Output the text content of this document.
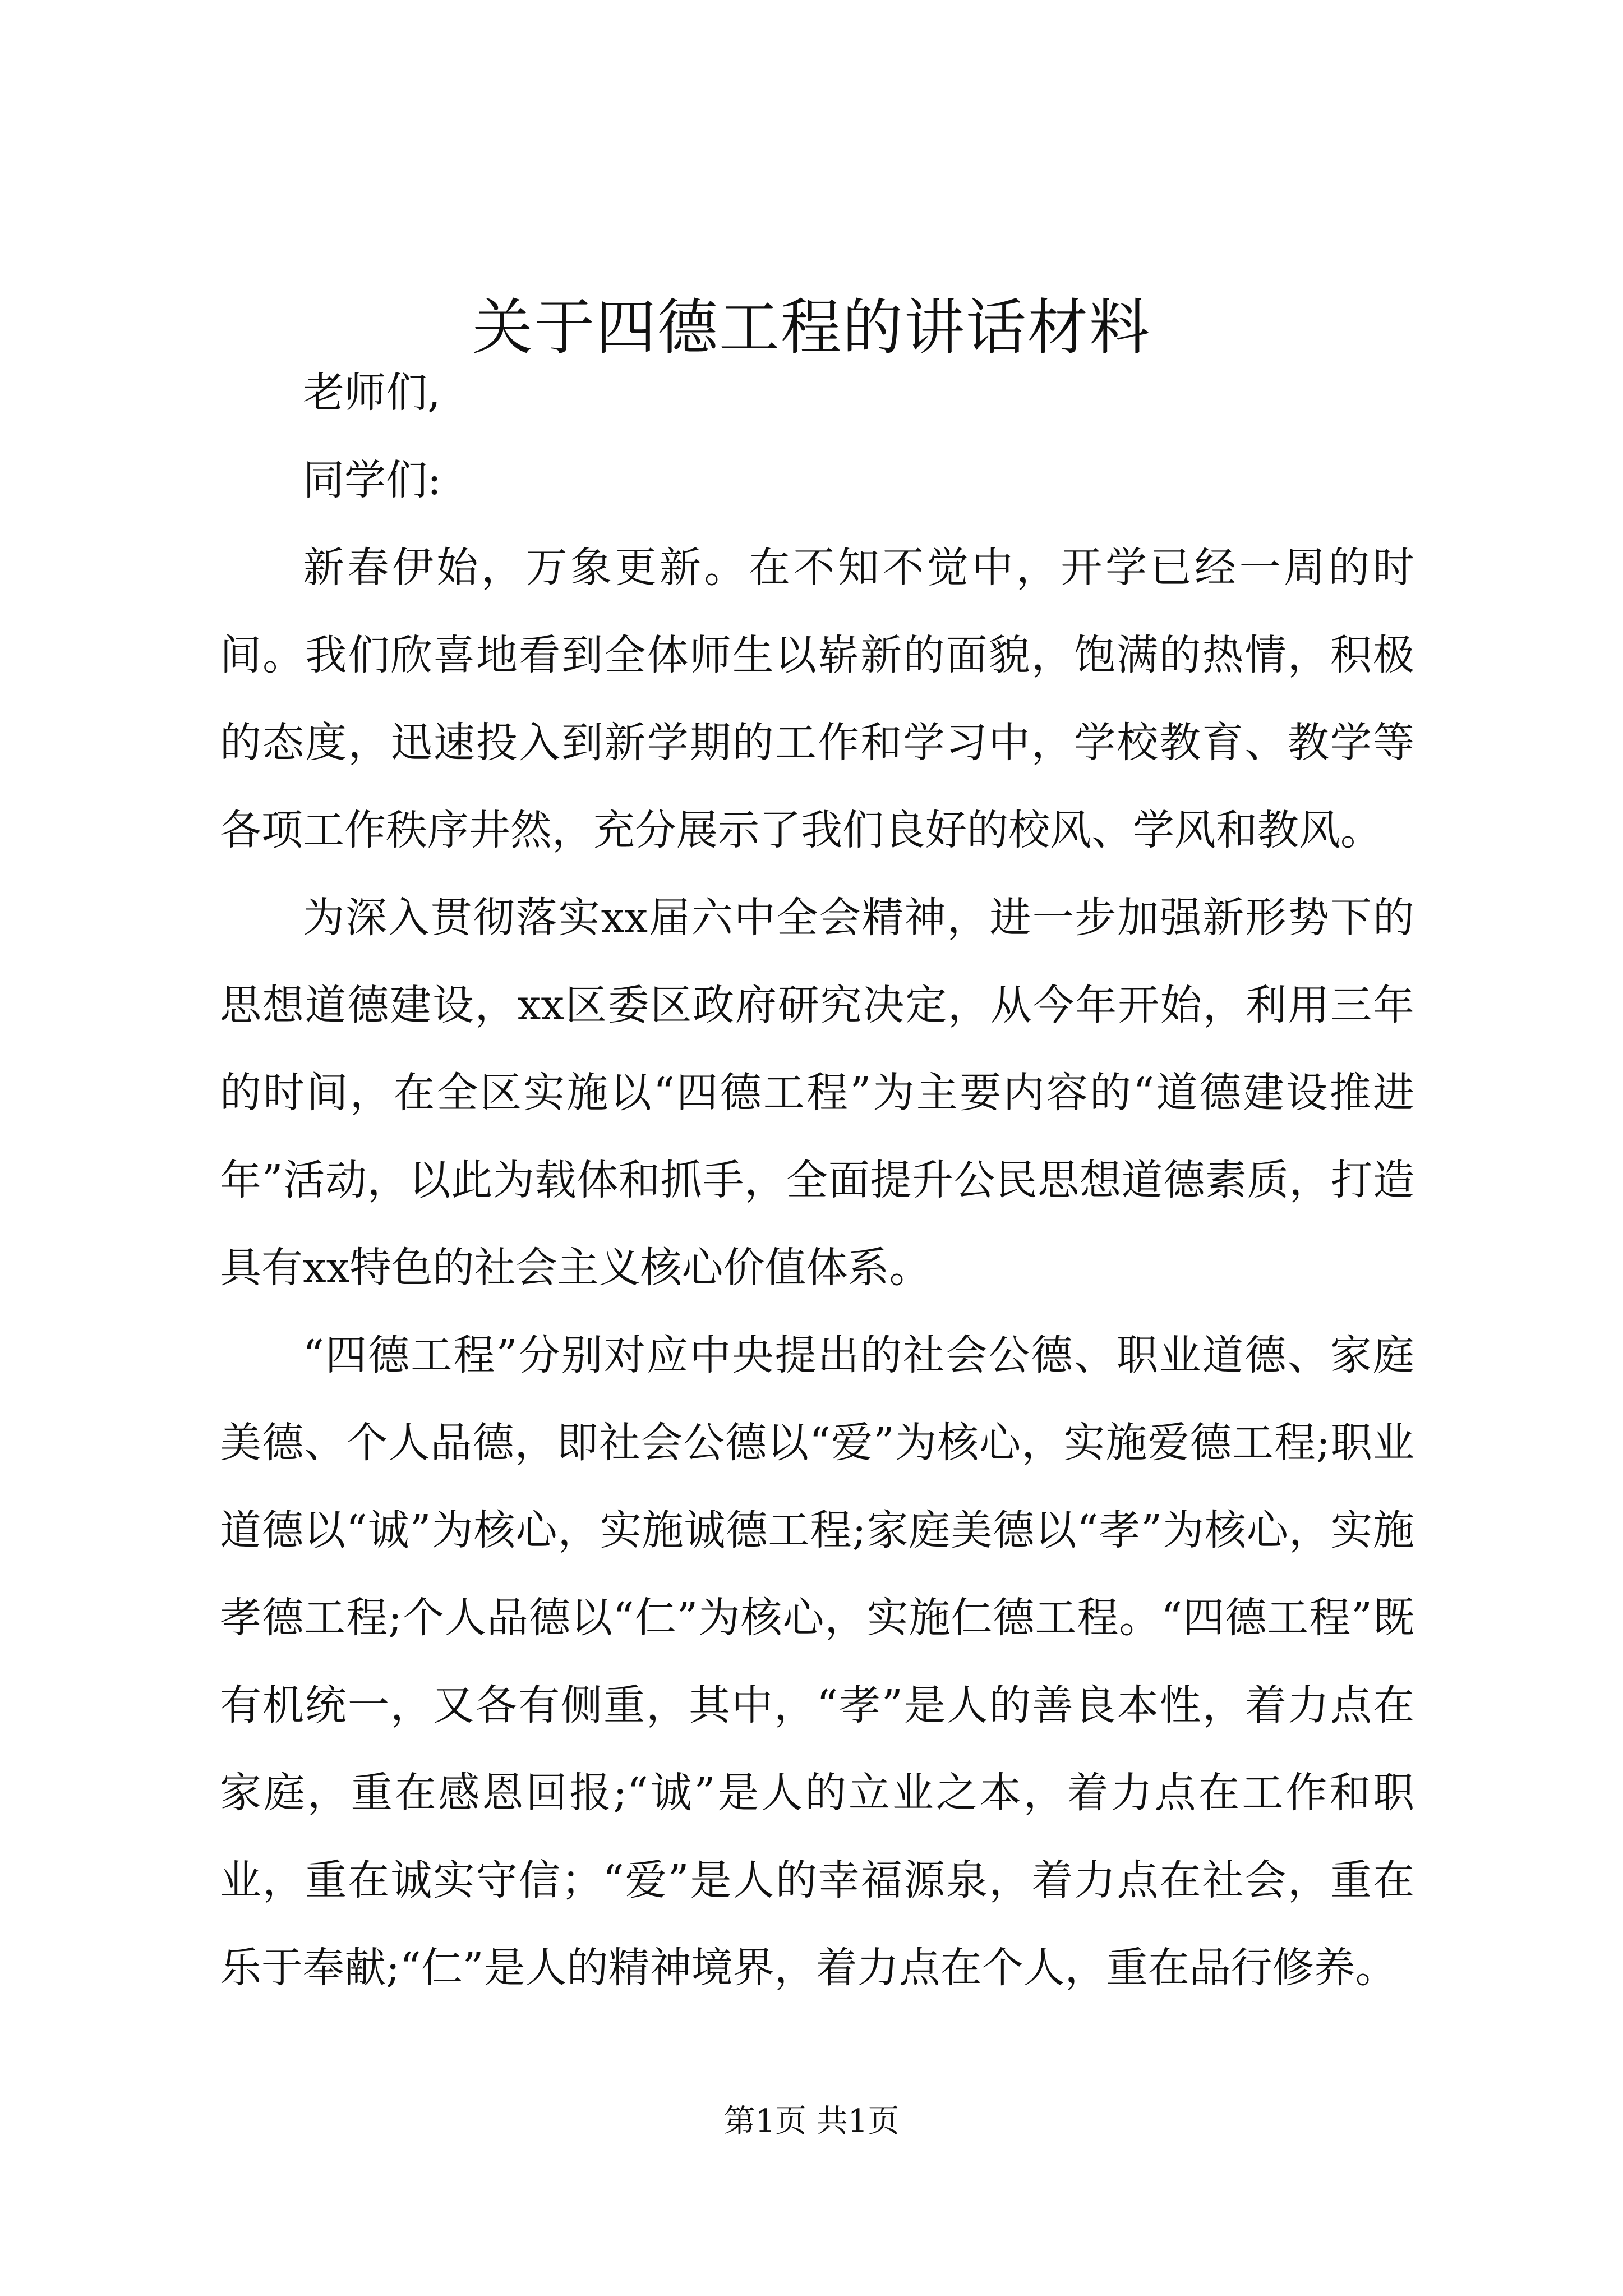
关于四德工程的讲话材料

老师们,

同学们:

新春伊始，万象更新。在不知不觉中，开学已经一周的时间。我们欣喜地看到全体师生以崭新的面貌，饱满的热情，积极的态度，迅速投入到新学期的工作和学习中，学校教育、教学等各项工作秩序井然，充分展示了我们良好的校风、学风和教风。

为深入贯彻落实xx届六中全会精神，进一步加强新形势下的思想道德建设，xx区委区政府研究决定，从今年开始，利用三年的时间，在全区实施以“四德工程”为主要内容的“道德建设推进年”活动，以此为载体和抓手，全面提升公民思想道德素质，打造具有xx特色的社会主义核心价值体系。

“四德工程”分别对应中央提出的社会公德、职业道德、家庭美德、个人品德，即社会公德以“爱”为核心，实施爱德工程;职业道德以“诚”为核心，实施诚德工程;家庭美德以“孝”为核心，实施孝德工程;个人品德以“仁”为核心，实施仁德工程。“四德工程”既有机统一，又各有侧重，其中，“孝”是人的善良本性，着力点在家庭，重在感恩回报;“诚”是人的立业之本，着力点在工作和职业，重在诚实守信；“爱”是人的幸福源泉，着力点在社会，重在乐于奉献;“仁”是人的精神境界，着力点在个人，重在品行修养。

第1页 共1页
